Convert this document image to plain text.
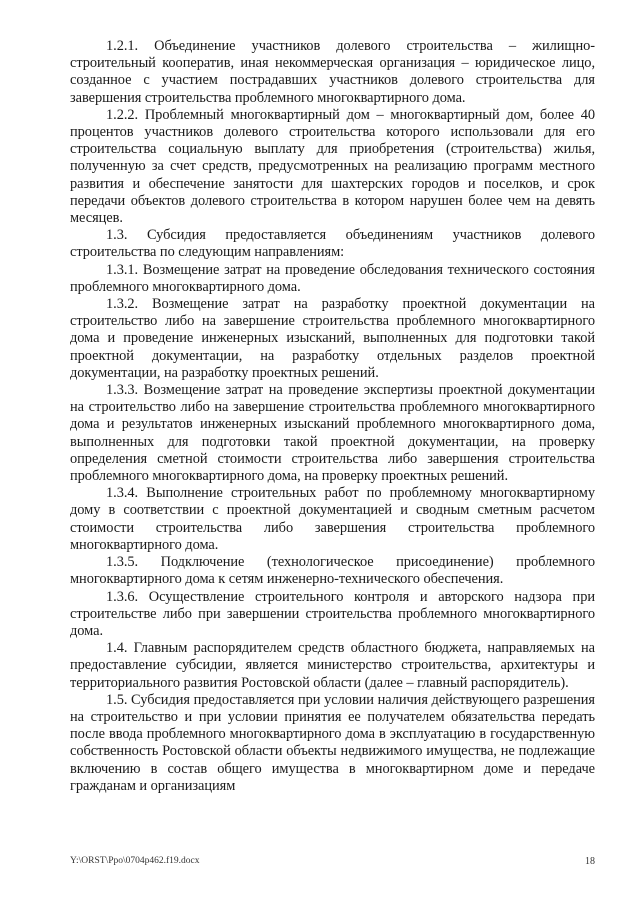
1.2.1. Объединение участников долевого строительства – жилищно-строительный кооператив, иная некоммерческая организация – юридическое лицо, созданное с участием пострадавших участников долевого строительства для завершения строительства проблемного многоквартирного дома.

1.2.2. Проблемный многоквартирный дом – многоквартирный дом, более 40 процентов участников долевого строительства которого использовали для его строительства социальную выплату для приобретения (строительства) жилья, полученную за счет средств, предусмотренных на реализацию программ местного развития и обеспечение занятости для шахтерских городов и поселков, и срок передачи объектов долевого строительства в котором нарушен более чем на девять месяцев.

1.3. Субсидия предоставляется объединениям участников долевого строительства по следующим направлениям:

1.3.1. Возмещение затрат на проведение обследования технического состояния проблемного многоквартирного дома.

1.3.2. Возмещение затрат на разработку проектной документации на строительство либо на завершение строительства проблемного многоквартирного дома и проведение инженерных изысканий, выполненных для подготовки такой проектной документации, на разработку отдельных разделов проектной документации, на разработку проектных решений.

1.3.3. Возмещение затрат на проведение экспертизы проектной документации на строительство либо на завершение строительства проблемного многоквартирного дома и результатов инженерных изысканий проблемного многоквартирного дома, выполненных для подготовки такой проектной документации, на проверку определения сметной стоимости строительства либо завершения строительства проблемного многоквартирного дома, на проверку проектных решений.

1.3.4. Выполнение строительных работ по проблемному многоквартирному дому в соответствии с проектной документацией и сводным сметным расчетом стоимости строительства либо завершения строительства проблемного многоквартирного дома.

1.3.5. Подключение (технологическое присоединение) проблемного многоквартирного дома к сетям инженерно-технического обеспечения.

1.3.6. Осуществление строительного контроля и авторского надзора при строительстве либо при завершении строительства проблемного многоквартирного дома.

1.4. Главным распорядителем средств областного бюджета, направляемых на предоставление субсидии, является министерство строительства, архитектуры и территориального развития Ростовской области (далее – главный распорядитель).

1.5. Субсидия предоставляется при условии наличия действующего разрешения на строительство и при условии принятия ее получателем обязательства передать после ввода проблемного многоквартирного дома в эксплуатацию в государственную собственность Ростовской области объекты недвижимого имущества, не подлежащие включению в состав общего имущества в многоквартирном доме и передаче гражданам и организациям

Y:\ORST\Ppo\0704p462.f19.docx	18
